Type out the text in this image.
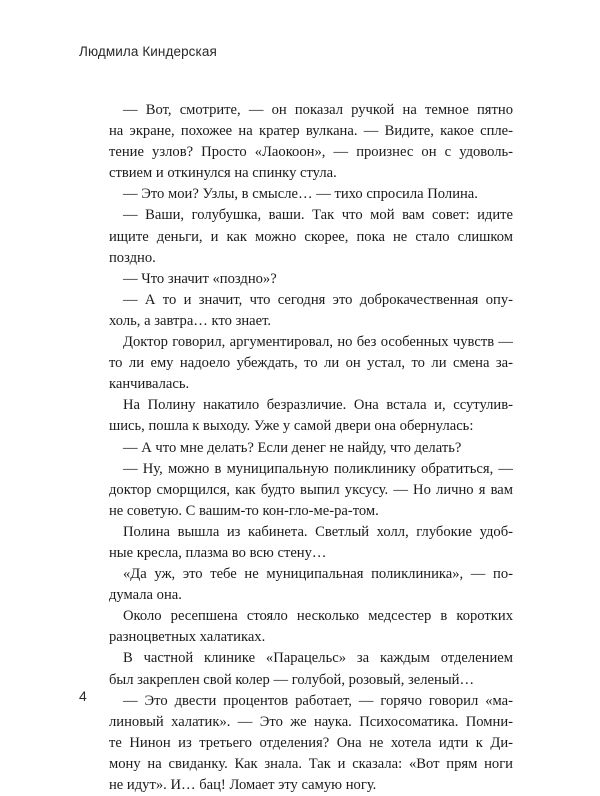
Людмила Киндерская

— Вот, смотрите, — он показал ручкой на темное пятно

на экране, похожее на кратер вулкана. — Видите, какое спле-

тение узлов? Просто «Лаокоон», — произнес он с удоволь-

ствием и откинулся на спинку стула.

— Это мои? Узлы, в смысле… — тихо спросила Полина.

— Ваши, голубушка, ваши. Так что мой вам совет: идите

ищите деньги, и как можно скорее, пока не стало слишком

поздно.

— Что значит «поздно»?

— А то и значит, что сегодня это доброкачественная опу-

холь, а завтра… кто знает.

Доктор говорил, аргументировал, но без особенных чувств —

то ли ему надоело убеждать, то ли он устал, то ли смена за-

канчивалась.

На Полину накатило безразличие. Она встала и, ссутулив-

шись, пошла к выходу. Уже у самой двери она обернулась:

— А что мне делать? Если денег не найду, что делать?

— Ну, можно в муниципальную поликлинику обратиться, —

доктор сморщился, как будто выпил уксусу. — Но лично я вам

не советую. С вашим-то кон-гло-ме-ра-том.

Полина вышла из кабинета. Светлый холл, глубокие удоб-

ные кресла, плазма во всю стену…

«Да уж, это тебе не муниципальная поликлиника», — по-

думала она.

Около ресепшена стояло несколько медсестер в коротких

разноцветных халатиках.

В частной клинике «Парацельс» за каждым отделением

был закреплен свой колер — голубой, розовый, зеленый…

— Это двести процентов работает, — горячо говорил «ма-

линовый халатик». — Это же наука. Психосоматика. Помни-

те Нинон из третьего отделения? Она не хотела идти к Ди-

мону на свиданку. Как знала. Так и сказала: «Вот прям ноги

не идут». И… бац! Ломает эту самую ногу.

4
